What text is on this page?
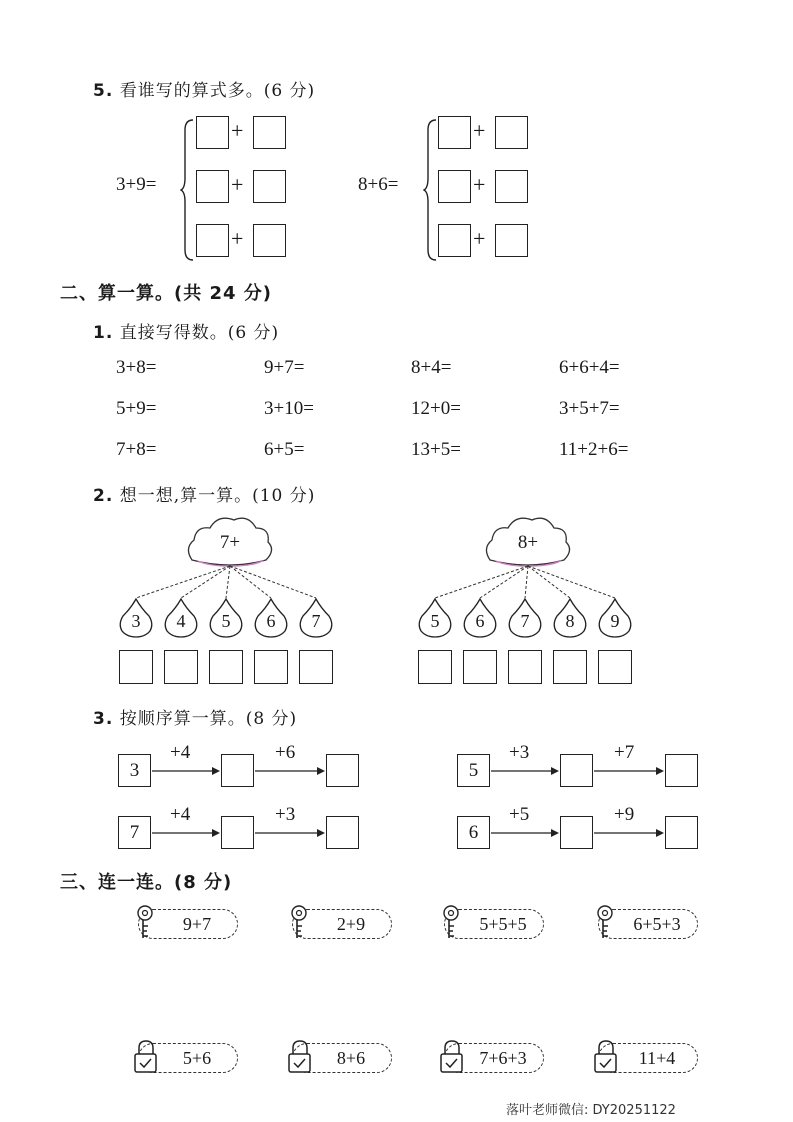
5. 看谁写的算式多。(6 分)
3+9=
+
+
+
8+6=
+
+
+
二、算一算。(共 24 分)
1. 直接写得数。(6 分)
3+8=	9+7=	8+4=	6+6+4=
5+9=	3+10=	12+0=	3+5+7=
7+8=	6+5=	13+5=	11+2+6=
2. 想一想,算一算。(10 分)
7+
3	4	5	6	7
8+
5	6	7	8	9
3. 按顺序算一算。(8 分)
3
+4	+6
7
+4	+3
5
+3	+7
6
+5	+9
三、连一连。(8 分)
9+7	2+9	5+5+5	6+5+3
5+6	8+6	7+6+3	11+4
落叶老师微信: DY20251122
